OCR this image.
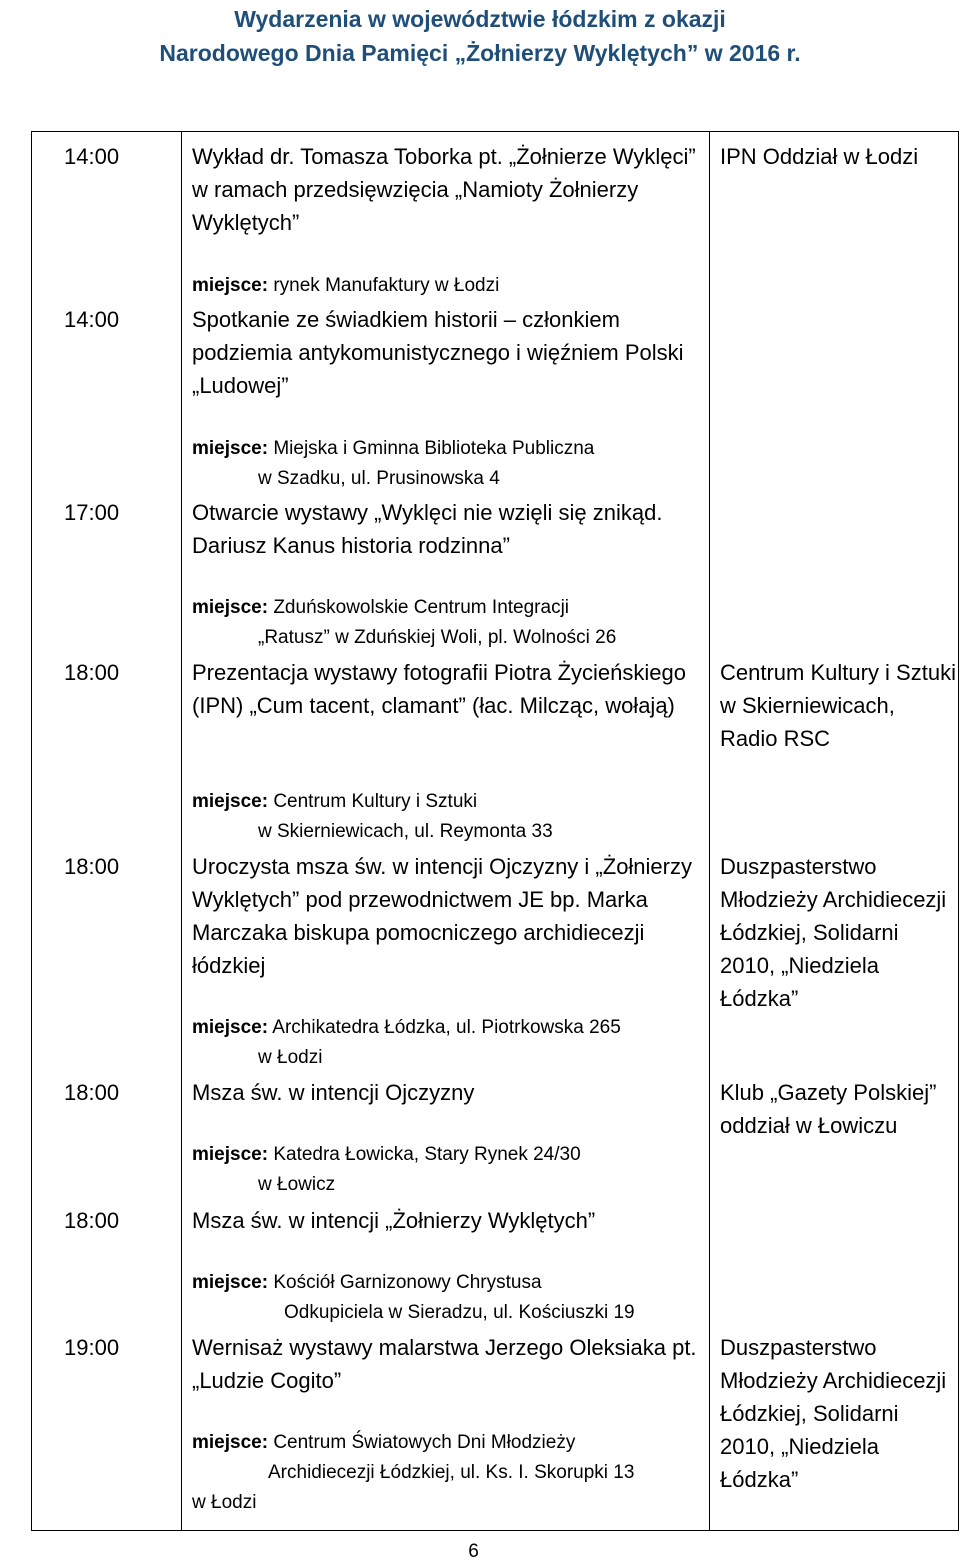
Wydarzenia w województwie łódzkim z okazji
Narodowego Dnia Pamięci „Żołnierzy Wyklętych” w 2016 r.
14:00	Wykład dr. Tomasza Toborka pt. „Żołnierze Wyklęci” w ramach przedsięwzięcia „Namioty Żołnierzy Wyklętych”
miejsce: rynek Manufaktury w Łodzi
IPN Oddział w Łodzi
14:00	Spotkanie ze świadkiem historii – członkiem podziemia antykomunistycznego i więźniem Polski „Ludowej”
miejsce: Miejska i Gminna Biblioteka Publiczna
w Szadku, ul. Prusinowska 4
17:00	Otwarcie wystawy „Wyklęci nie wzięli się znikąd. Dariusz Kanus historia rodzinna”
miejsce: Zduńskowolskie Centrum Integracji
„Ratusz” w Zduńskiej Woli, pl. Wolności 26
18:00	Prezentacja wystawy fotografii Piotra Życieńskiego (IPN) „Cum tacent, clamant” (łac. Milcząc, wołają)
miejsce: Centrum Kultury i Sztuki
w Skierniewicach, ul. Reymonta 33
Centrum Kultury i Sztuki w Skierniewicach, Radio RSC
18:00	Uroczysta msza św. w intencji Ojczyzny i „Żołnierzy Wyklętych” pod przewodnictwem JE bp. Marka Marczaka biskupa pomocniczego archidiecezji łódzkiej
miejsce: Archikatedra Łódzka, ul. Piotrkowska 265
w Łodzi
Duszpasterstwo Młodzieży Archidiecezji Łódzkiej, Solidarni 2010, „Niedziela Łódzka”
18:00	Msza św. w intencji Ojczyzny
miejsce: Katedra Łowicka, Stary Rynek 24/30
w Łowicz
Klub „Gazety Polskiej” oddział w Łowiczu
18:00	Msza św. w intencji „Żołnierzy Wyklętych”
miejsce: Kościół Garnizonowy Chrystusa
Odkupiciela w Sieradzu, ul. Kościuszki 19
19:00	Wernisaż wystawy malarstwa Jerzego Oleksiaka pt. „Ludzie Cogito”
miejsce: Centrum Światowych Dni Młodzieży
Archidiecezji Łódzkiej, ul. Ks. I. Skorupki 13
w Łodzi
Duszpasterstwo Młodzieży Archidiecezji Łódzkiej, Solidarni 2010, „Niedziela Łódzka”
6
